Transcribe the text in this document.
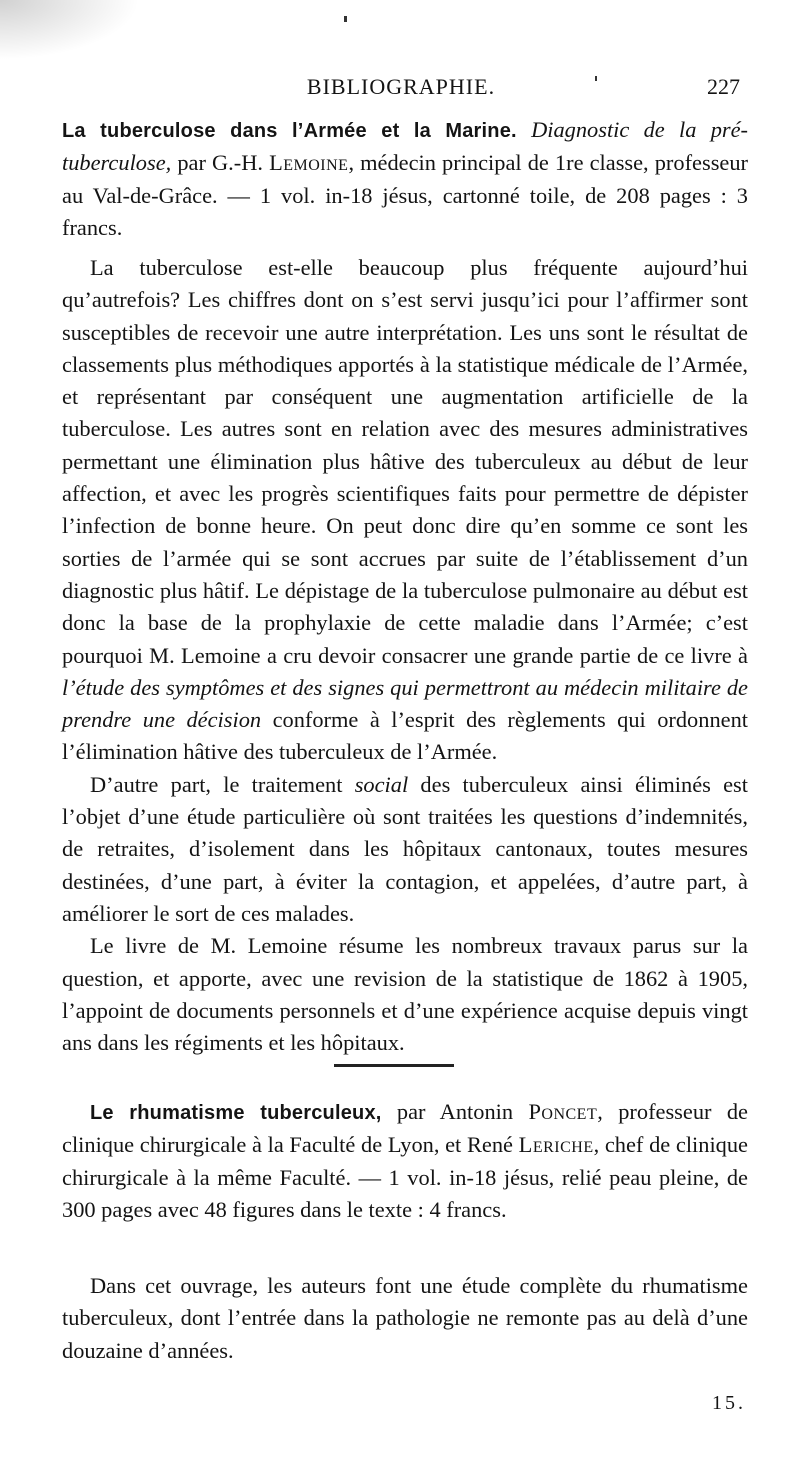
BIBLIOGRAPHIE.	227

La tuberculose dans l’Armée et la Marine. Diagnostic de la pré-tuberculose, par G.-H. Lemoine, médecin principal de 1re classe, professeur au Val-de-Grâce. — 1 vol. in-18 jésus, cartonné toile, de 208 pages : 3 francs.

La tuberculose est-elle beaucoup plus fréquente aujourd’hui qu’autrefois? Les chiffres dont on s’est servi jusqu’ici pour l’affirmer sont susceptibles de recevoir une autre interprétation. Les uns sont le résultat de classements plus méthodiques apportés à la statistique médicale de l’Armée, et représentant par conséquent une augmentation artificielle de la tuberculose. Les autres sont en relation avec des mesures administratives permettant une élimination plus hâtive des tuberculeux au début de leur affection, et avec les progrès scientifiques faits pour permettre de dépister l’infection de bonne heure. On peut donc dire qu’en somme ce sont les sorties de l’armée qui se sont accrues par suite de l’établissement d’un diagnostic plus hâtif. Le dépistage de la tuberculose pulmonaire au début est donc la base de la prophylaxie de cette maladie dans l’Armée; c’est pourquoi M. Lemoine a cru devoir consacrer une grande partie de ce livre à l’étude des symptômes et des signes qui permettront au médecin militaire de prendre une décision conforme à l’esprit des règlements qui ordonnent l’élimination hâtive des tuberculeux de l’Armée.

D’autre part, le traitement social des tuberculeux ainsi éliminés est l’objet d’une étude particulière où sont traitées les questions d’indemnités, de retraites, d’isolement dans les hôpitaux cantonaux, toutes mesures destinées, d’une part, à éviter la contagion, et appelées, d’autre part, à améliorer le sort de ces malades.

Le livre de M. Lemoine résume les nombreux travaux parus sur la question, et apporte, avec une revision de la statistique de 1862 à 1905, l’appoint de documents personnels et d’une expérience acquise depuis vingt ans dans les régiments et les hôpitaux.

Le rhumatisme tuberculeux, par Antonin Poncet, professeur de clinique chirurgicale à la Faculté de Lyon, et René Leriche, chef de clinique chirurgicale à la même Faculté. — 1 vol. in-18 jésus, relié peau pleine, de 300 pages avec 48 figures dans le texte : 4 francs.

Dans cet ouvrage, les auteurs font une étude complète du rhumatisme tuberculeux, dont l’entrée dans la pathologie ne remonte pas au delà d’une douzaine d’années.

15.
